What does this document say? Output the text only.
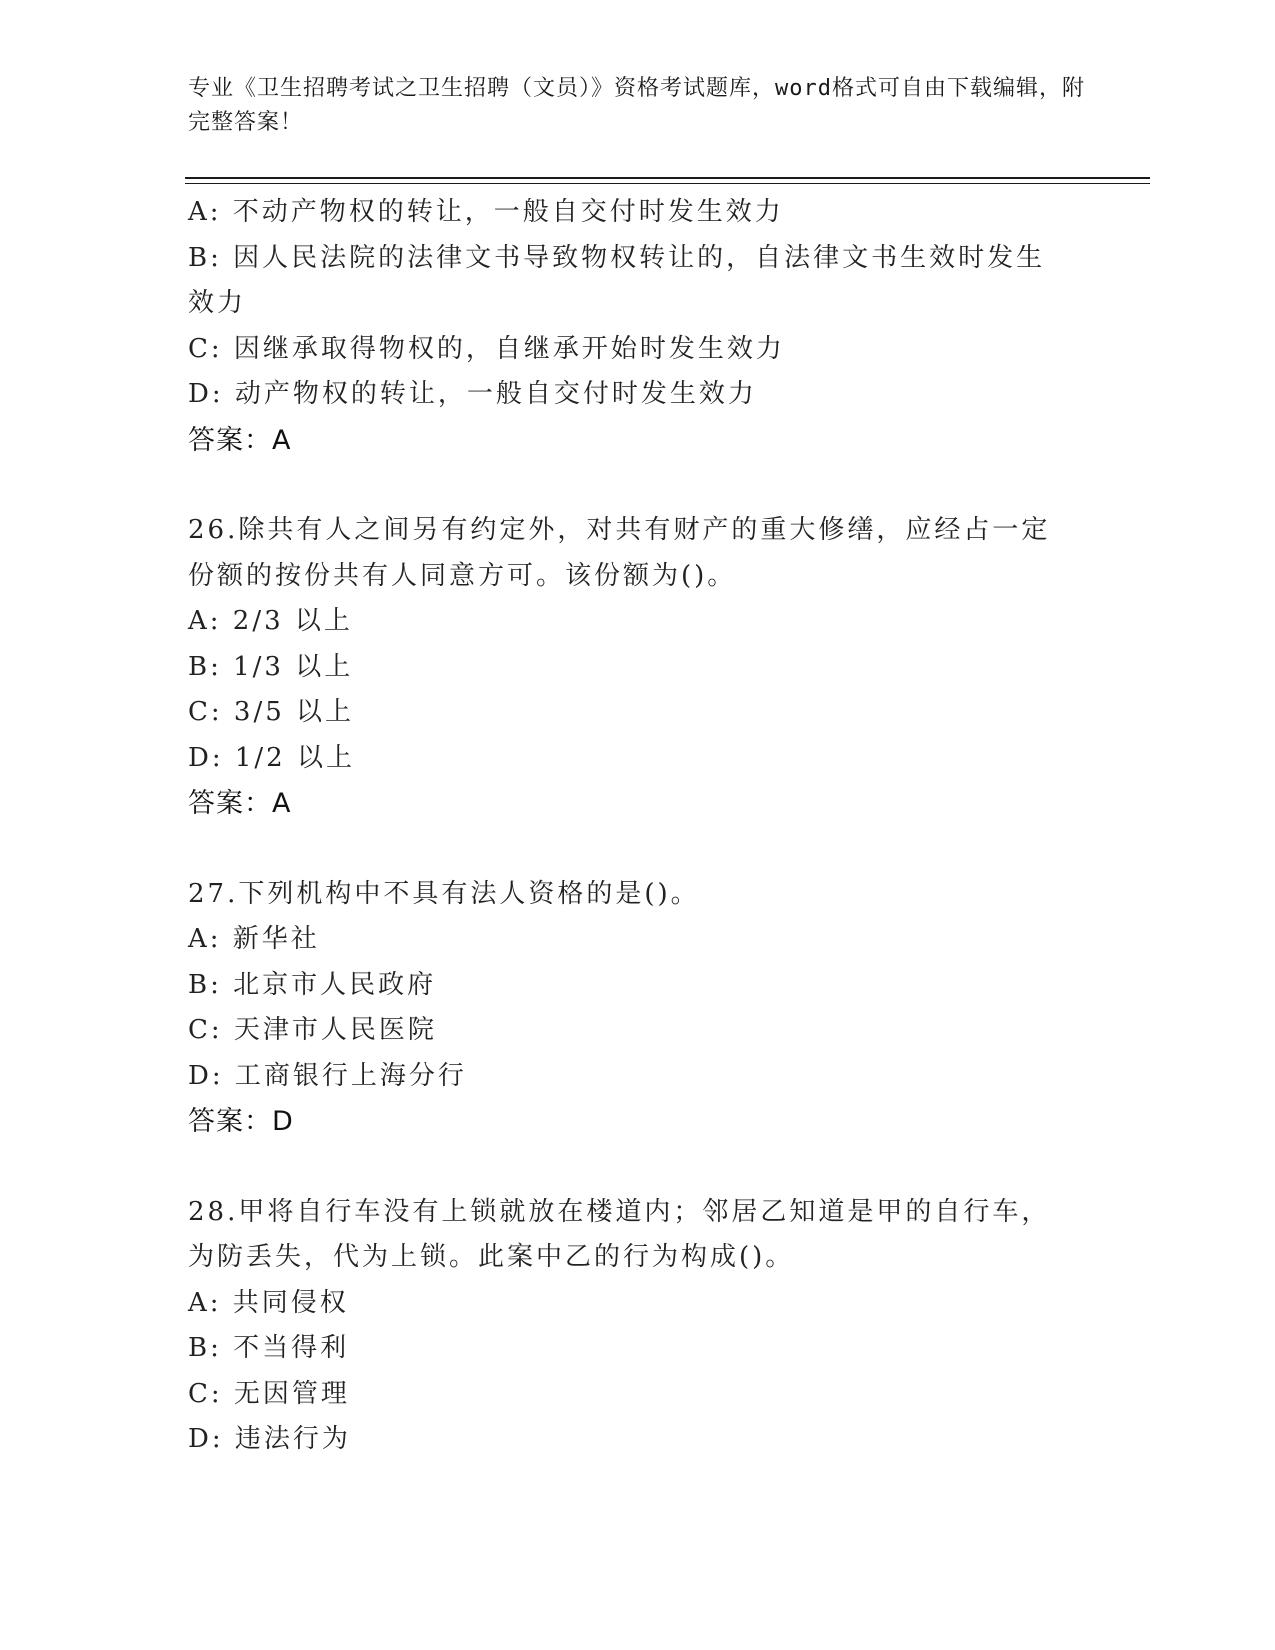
专业《卫生招聘考试之卫生招聘（文员）》资格考试题库，word格式可自由下载编辑，附完整答案！
A: 不动产物权的转让，一般自交付时发生效力
B: 因人民法院的法律文书导致物权转让的，自法律文书生效时发生效力
C: 因继承取得物权的，自继承开始时发生效力
D: 动产物权的转让，一般自交付时发生效力
答案：A
26.除共有人之间另有约定外，对共有财产的重大修缮，应经占一定份额的按份共有人同意方可。该份额为()。
A: 2/3 以上
B: 1/3 以上
C: 3/5 以上
D: 1/2 以上
答案：A
27.下列机构中不具有法人资格的是()。
A: 新华社
B: 北京市人民政府
C: 天津市人民医院
D: 工商银行上海分行
答案：D
28.甲将自行车没有上锁就放在楼道内；邻居乙知道是甲的自行车，为防丢失，代为上锁。此案中乙的行为构成()。
A: 共同侵权
B: 不当得利
C: 无因管理
D: 违法行为
